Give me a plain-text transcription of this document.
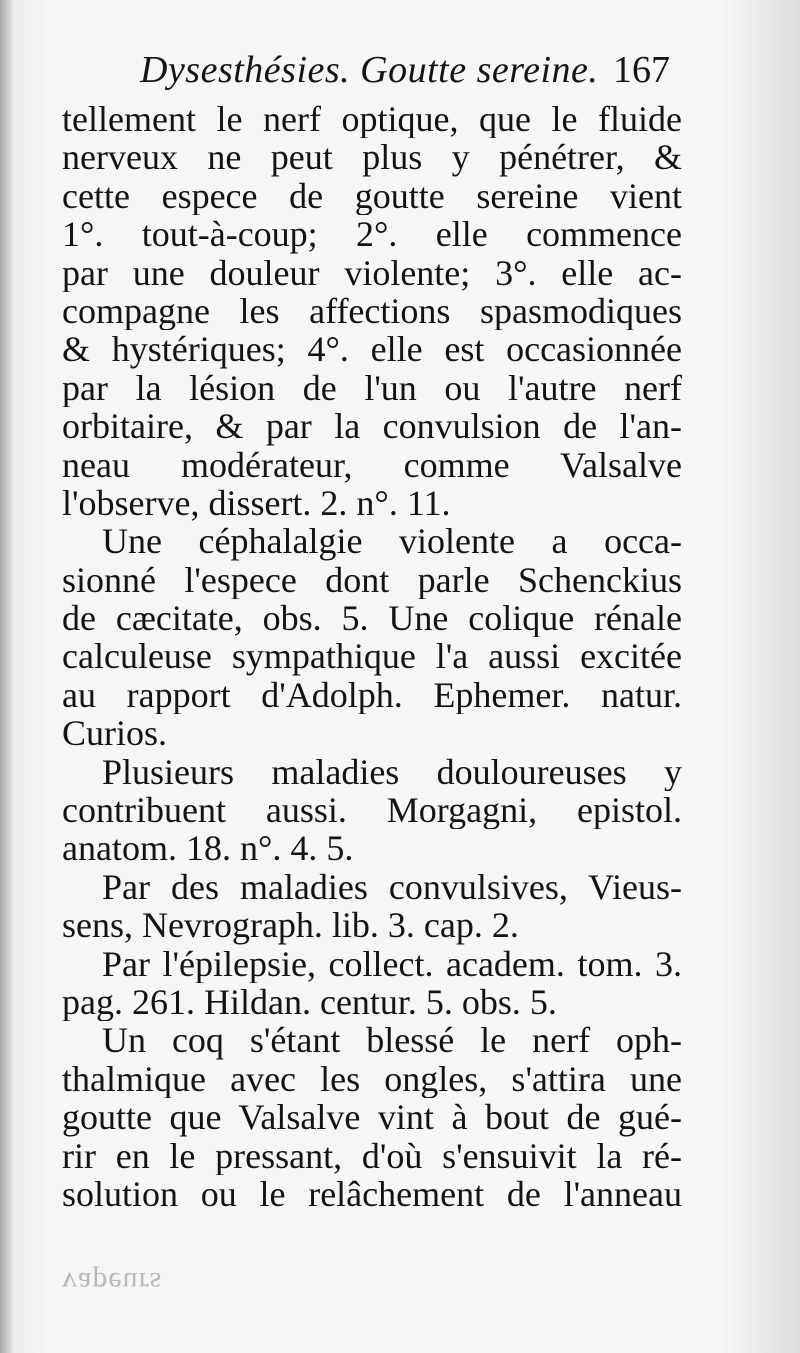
Dysesthésies. Goutte sereine. 167
tellement le nerf optique, que le fluide
nerveux ne peut plus y pénétrer, &
cette espece de goutte sereine vient
1°. tout-à-coup; 2°. elle commence
par une douleur violente; 3°. elle ac-
compagne les affections spasmodiques
& hystériques; 4°. elle est occasionnée
par la lésion de l'un ou l'autre nerf
orbitaire, & par la convulsion de l'an-
neau modérateur, comme Valsalve
l'observe, dissert. 2. n°. 11.
Une céphalalgie violente a occa-
sionné l'espece dont parle Schenckius
de cæcitate, obs. 5. Une colique rénale
calculeuse sympathique l'a aussi excitée
au rapport d'Adolph. Ephemer. natur.
Curios.
Plusieurs maladies douloureuses y
contribuent aussi. Morgagni, epistol.
anatom. 18. n°. 4. 5.
Par des maladies convulsives, Vieus-
sens, Nevrograph. lib. 3. cap. 2.
Par l'épilepsie, collect. academ. tom. 3.
pag. 261. Hildan. centur. 5. obs. 5.
Un coq s'étant blessé le nerf oph-
thalmique avec les ongles, s'attira une
goutte que Valsalve vint à bout de gué-
rir en le pressant, d'où s'ensuivit la ré-
solution ou le relâchement de l'anneau
vapeurs
